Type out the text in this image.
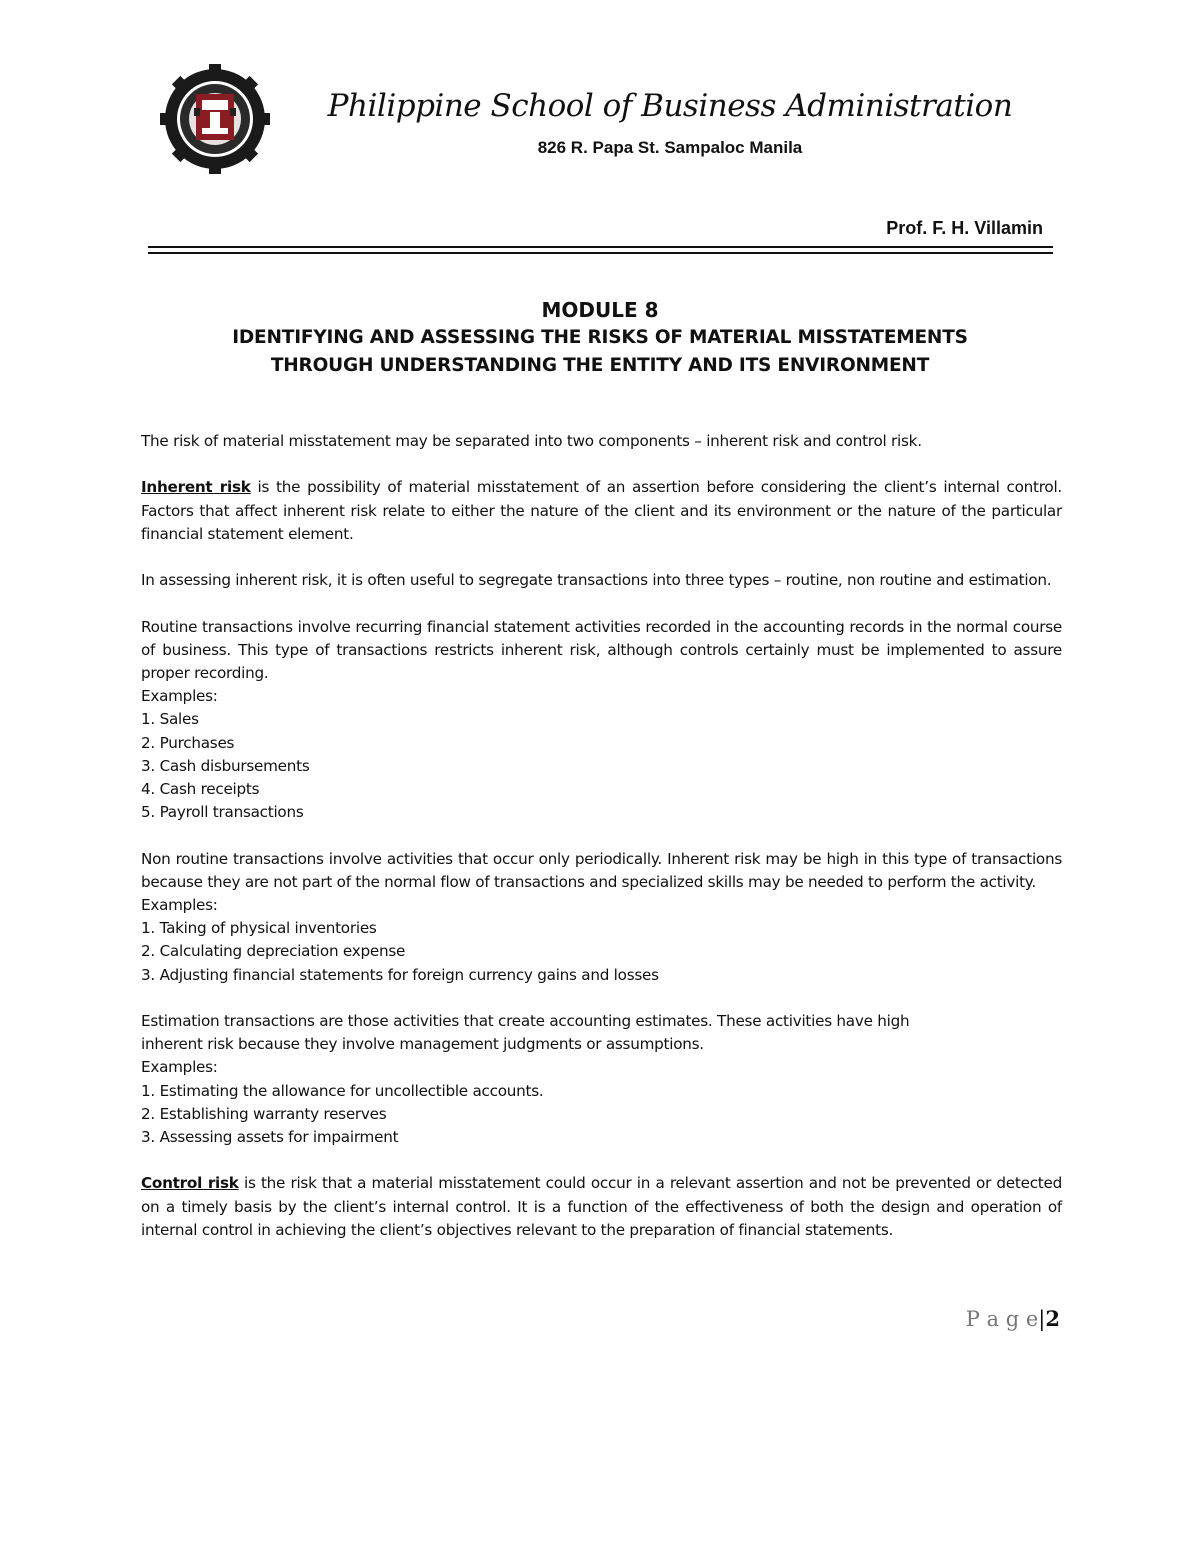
Philippine School of Business Administration
826 R. Papa St. Sampaloc Manila
Prof. F. H. Villamin
MODULE 8
IDENTIFYING AND ASSESSING THE RISKS OF MATERIAL MISSTATEMENTS
THROUGH UNDERSTANDING THE ENTITY AND ITS ENVIRONMENT

The risk of material misstatement may be separated into two components – inherent risk and control risk.

Inherent risk is the possibility of material misstatement of an assertion before considering the client’s internal control. Factors that affect inherent risk relate to either the nature of the client and its environment or the nature of the particular financial statement element.

In assessing inherent risk, it is often useful to segregate transactions into three types – routine, non routine and estimation.

Routine transactions involve recurring financial statement activities recorded in the accounting records in the normal course of business. This type of transactions restricts inherent risk, although controls certainly must be implemented to assure proper recording.

Examples:

1. Sales

2. Purchases

3. Cash disbursements

4. Cash receipts

5. Payroll transactions

Non routine transactions involve activities that occur only periodically. Inherent risk may be high in this type of transactions because they are not part of the normal flow of transactions and specialized skills may be needed to perform the activity.

Examples:

1. Taking of physical inventories

2. Calculating depreciation expense

3. Adjusting financial statements for foreign currency gains and losses

Estimation transactions are those activities that create accounting estimates. These activities have high

inherent risk because they involve management judgments or assumptions.

Examples:

1. Estimating the allowance for uncollectible accounts.

2. Establishing warranty reserves

3. Assessing assets for impairment

Control risk is the risk that a material misstatement could occur in a relevant assertion and not be prevented or detected on a timely basis by the client’s internal control. It is a function of the effectiveness of both the design and operation of internal control in achieving the client’s objectives relevant to the preparation of financial statements.

P a g e|2
